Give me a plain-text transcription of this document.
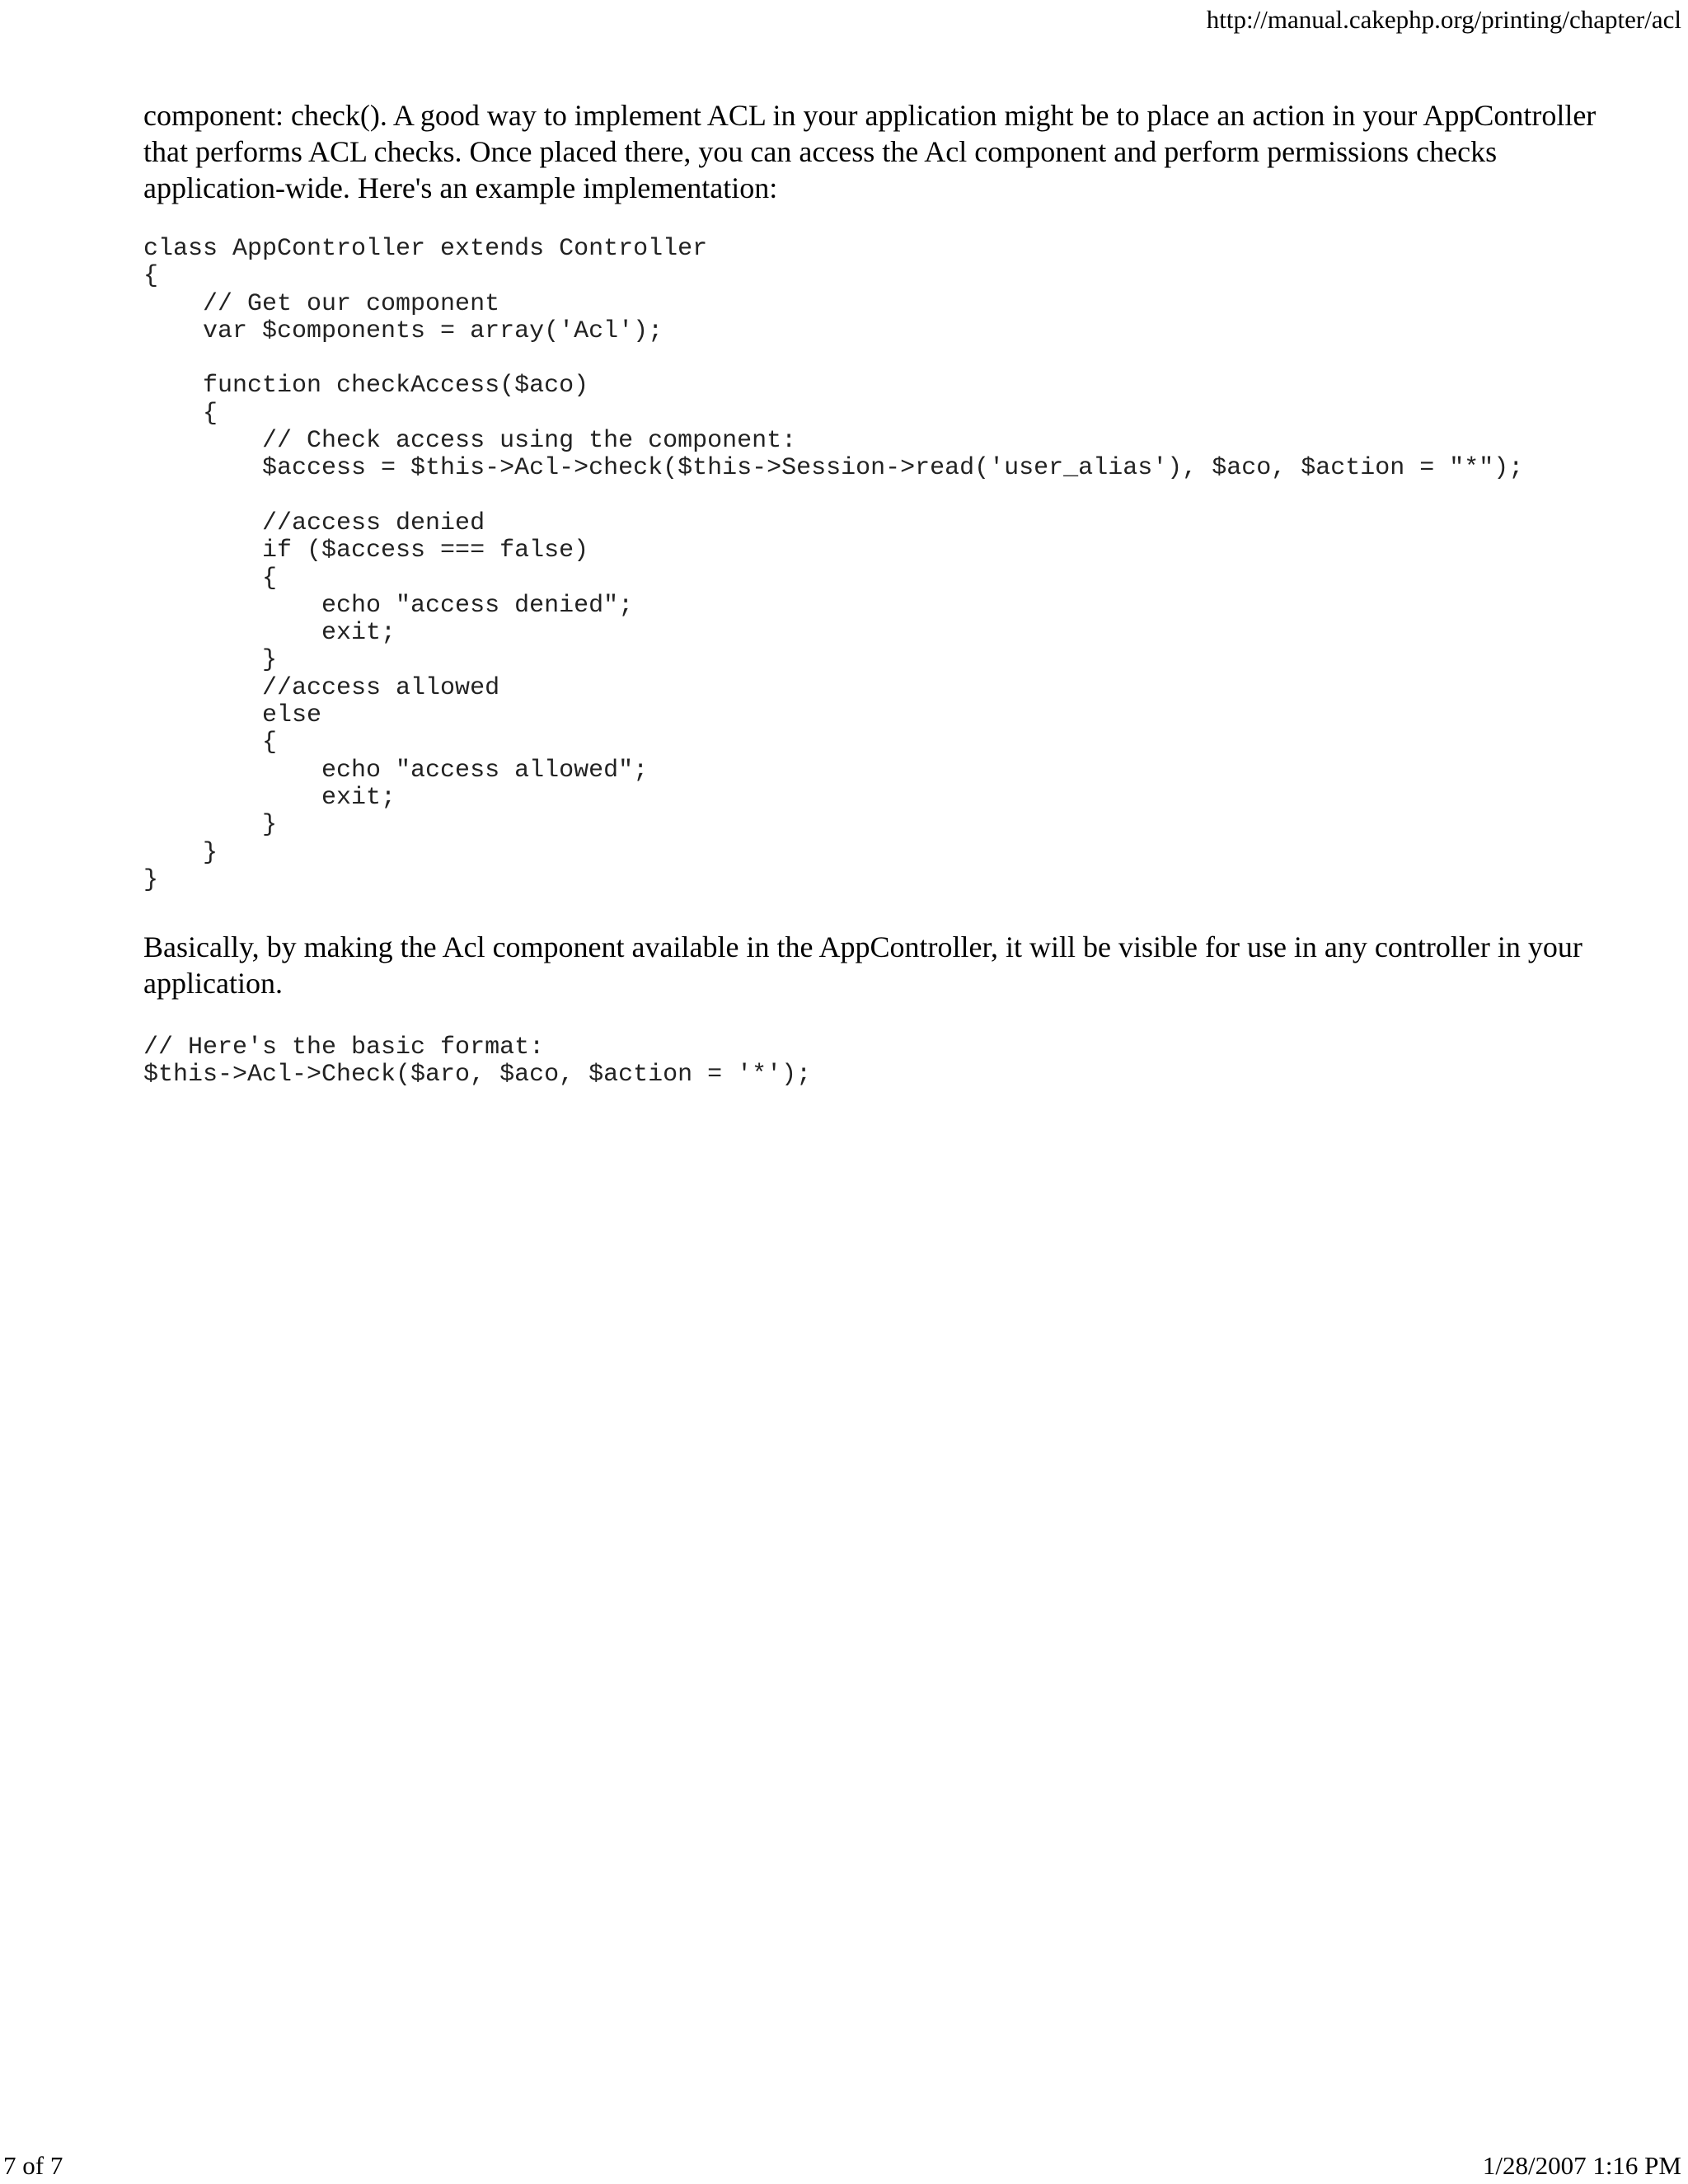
http://manual.cakephp.org/printing/chapter/acl

component: check(). A good way to implement ACL in your application might be to place an action in your AppController that performs ACL checks. Once placed there, you can access the Acl component and perform permissions checks application-wide. Here's an example implementation:

class AppController extends Controller
{
// Get our component
var $components = array('Acl');
function checkAccess($aco)
{
// Check access using the component:
$access = $this->Acl->check($this->Session->read('user_alias'), $aco, $action = "*");
//access denied
if ($access === false)
{
echo "access denied";
exit;
}
//access allowed
else
{
echo "access allowed";
exit;
}
}
}

Basically, by making the Acl component available in the AppController, it will be visible for use in any controller in your application.

// Here's the basic format:
$this->Acl->Check($aro, $aco, $action = '*');
7 of 7	1/28/2007 1:16 PM
